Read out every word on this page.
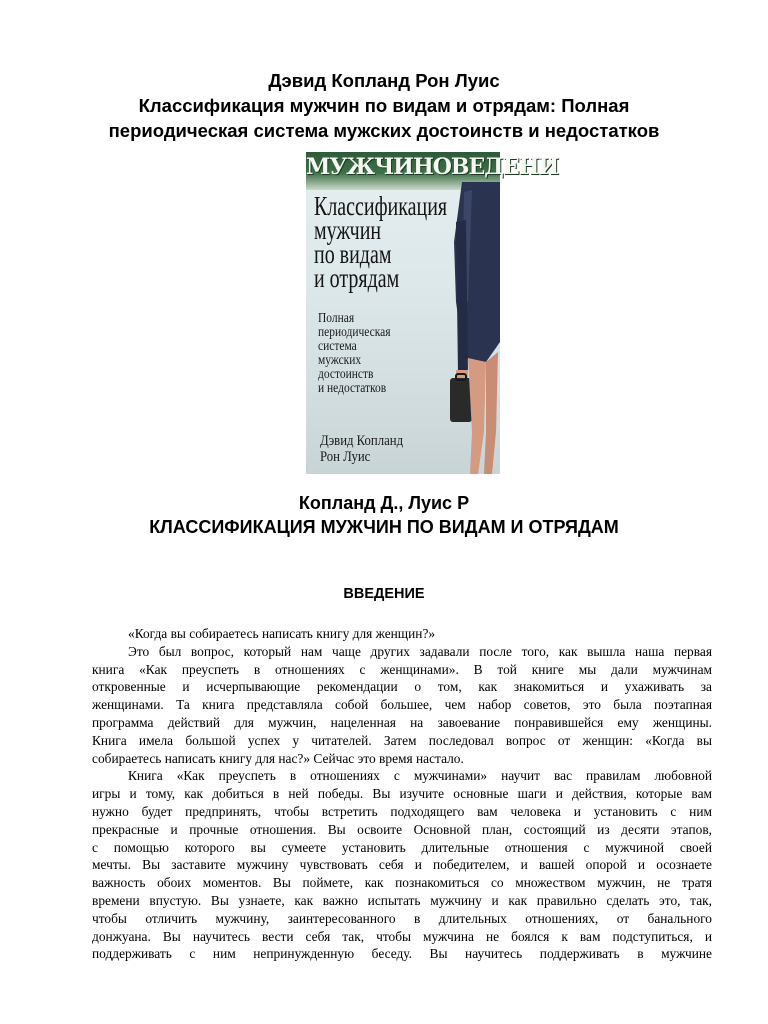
Дэвид Копланд Рон Луис
Классификация мужчин по видам и отрядам: Полная
периодическая система мужских достоинств и недостатков
МУЖЧИНОВЕДЕНИ
Классификация
мужчин
по видам
и отрядам
Полная
периодическая
система
мужских
достоинств
и недостатков
Дэвид Копланд
Рон Луис
Копланд Д., Луис Р
КЛАССИФИКАЦИЯ МУЖЧИН ПО ВИДАМ И ОТРЯДАМ
ВВЕДЕНИЕ
«Когда вы собираетесь написать книгу для женщин?»
Это был вопрос, который нам чаще других задавали после того, как вышла наша первая
книга «Как преуспеть в отношениях с женщинами». В той книге мы дали мужчинам
откровенные и исчерпывающие рекомендации о том, как знакомиться и ухаживать за
женщинами. Та книга представляла собой большее, чем набор советов, это была поэтапная
программа действий для мужчин, нацеленная на завоевание понравившейся ему женщины.
Книга имела большой успех у читателей. Затем последовал вопрос от женщин: «Когда вы
собираетесь написать книгу для нас?» Сейчас это время настало.
Книга «Как преуспеть в отношениях с мужчинами» научит вас правилам любовной
игры и тому, как добиться в ней победы. Вы изучите основные шаги и действия, которые вам
нужно будет предпринять, чтобы встретить подходящего вам человека и установить с ним
прекрасные и прочные отношения. Вы освоите Основной план, состоящий из десяти этапов,
с помощью которого вы сумеете установить длительные отношения с мужчиной своей
мечты. Вы заставите мужчину чувствовать себя и победителем, и вашей опорой и осознаете
важность обоих моментов. Вы поймете, как познакомиться со множеством мужчин, не тратя
времени впустую. Вы узнаете, как важно испытать мужчину и как правильно сделать это, так,
чтобы отличить мужчину, заинтересованного в длительных отношениях, от банального
донжуана. Вы научитесь вести себя так, чтобы мужчина не боялся к вам подступиться, и
поддерживать с ним непринужденную беседу. Вы научитесь поддерживать в мужчине
